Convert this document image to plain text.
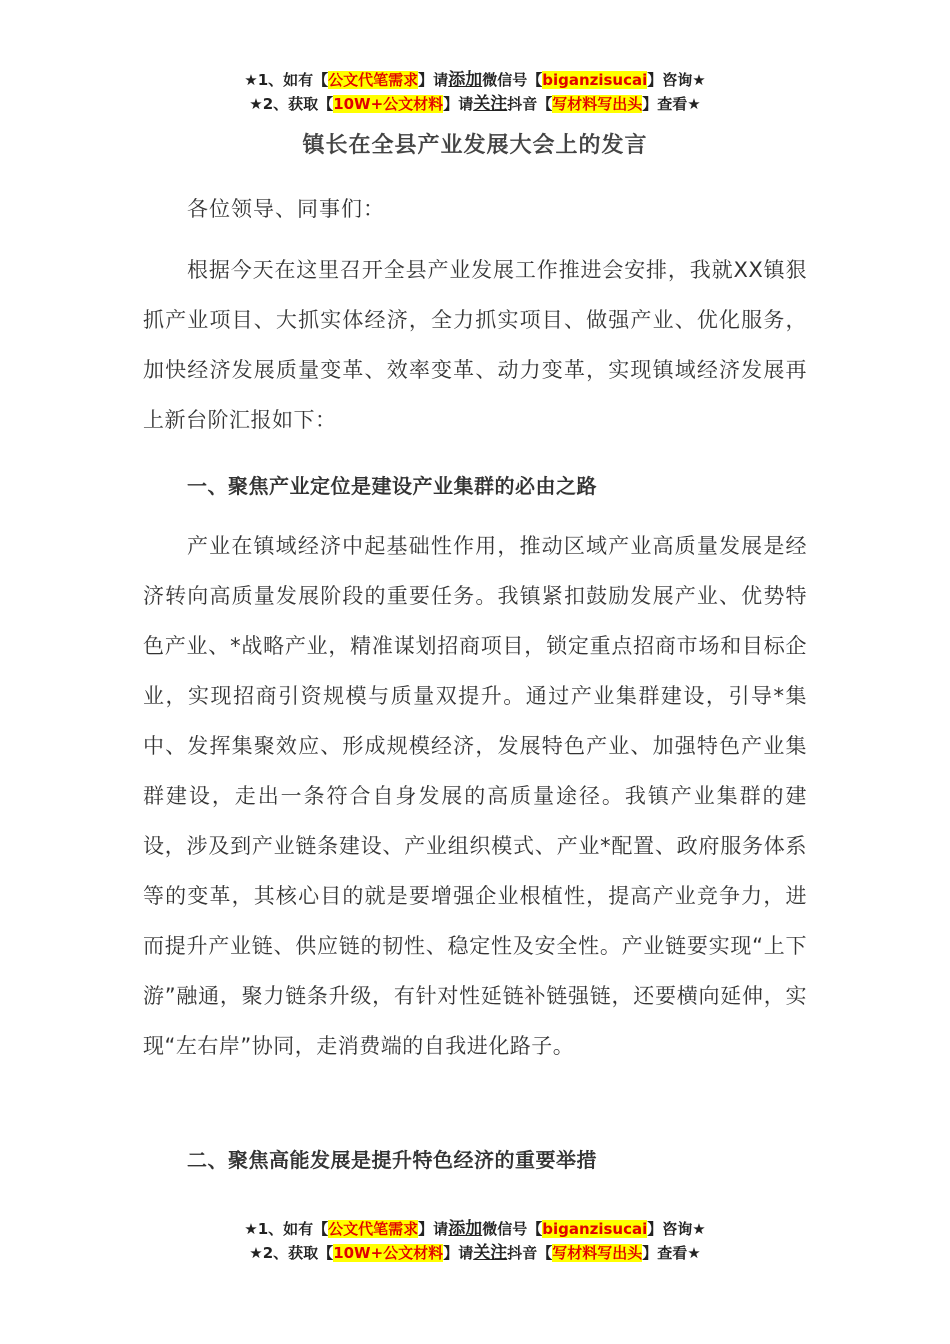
★1、如有【公文代笔需求】请添加微信号【biganzisucai】咨询★
★2、获取【10W+公文材料】请关注抖音【写材料写出头】查看★
镇长在全县产业发展大会上的发言
各位领导、同事们：
根据今天在这里召开全县产业发展工作推进会安排，我就XX镇狠抓产业项目、大抓实体经济，全力抓实项目、做强产业、优化服务，加快经济发展质量变革、效率变革、动力变革，实现镇域经济发展再上新台阶汇报如下：
一、聚焦产业定位是建设产业集群的必由之路
产业在镇域经济中起基础性作用，推动区域产业高质量发展是经济转向高质量发展阶段的重要任务。我镇紧扣鼓励发展产业、优势特色产业、*战略产业，精准谋划招商项目，锁定重点招商市场和目标企业，实现招商引资规模与质量双提升。通过产业集群建设，引导*集中、发挥集聚效应、形成规模经济，发展特色产业、加强特色产业集群建设，走出一条符合自身发展的高质量途径。我镇产业集群的建设，涉及到产业链条建设、产业组织模式、产业*配置、政府服务体系等的变革，其核心目的就是要增强企业根植性，提高产业竞争力，进而提升产业链、供应链的韧性、稳定性及安全性。产业链要实现“上下游”融通，聚力链条升级，有针对性延链补链强链，还要横向延伸，实现“左右岸”协同，走消费端的自我进化路子。
二、聚焦高能发展是提升特色经济的重要举措
★1、如有【公文代笔需求】请添加微信号【biganzisucai】咨询★
★2、获取【10W+公文材料】请关注抖音【写材料写出头】查看★
